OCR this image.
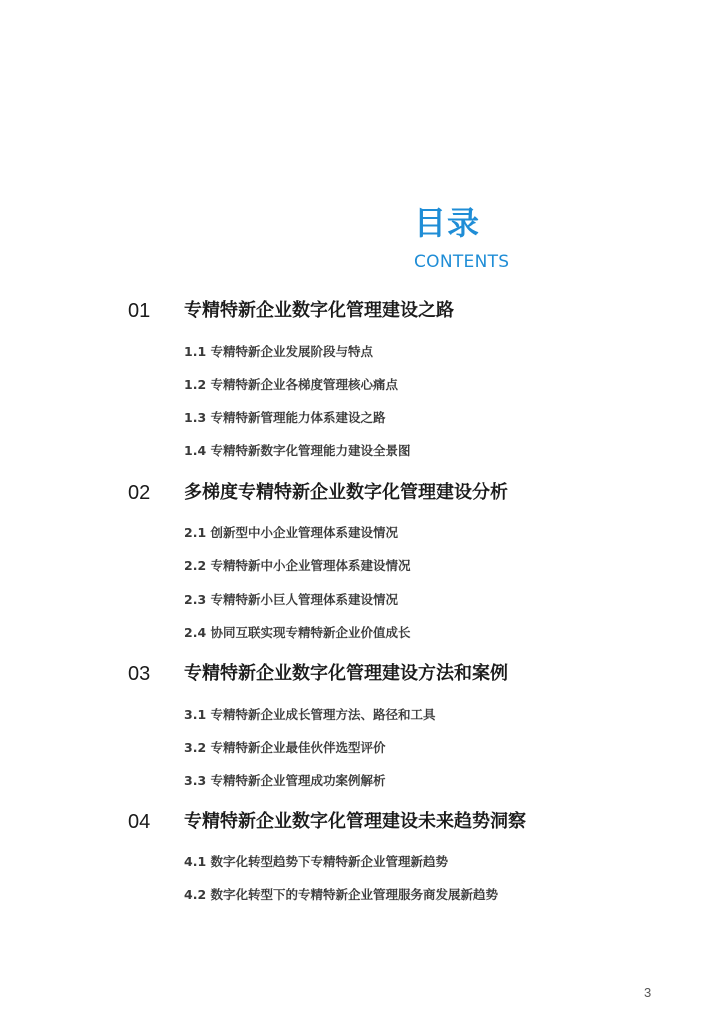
目录
CONTENTS
01 专精特新企业数字化管理建设之路
1.1 专精特新企业发展阶段与特点
1.2 专精特新企业各梯度管理核心痛点
1.3 专精特新管理能力体系建设之路
1.4 专精特新数字化管理能力建设全景图
02 多梯度专精特新企业数字化管理建设分析
2.1 创新型中小企业管理体系建设情况
2.2 专精特新中小企业管理体系建设情况
2.3 专精特新小巨人管理体系建设情况
2.4 协同互联实现专精特新企业价值成长
03 专精特新企业数字化管理建设方法和案例
3.1 专精特新企业成长管理方法、路径和工具
3.2 专精特新企业最佳伙伴选型评价
3.3 专精特新企业管理成功案例解析
04 专精特新企业数字化管理建设未来趋势洞察
4.1 数字化转型趋势下专精特新企业管理新趋势
4.2 数字化转型下的专精特新企业管理服务商发展新趋势
3
